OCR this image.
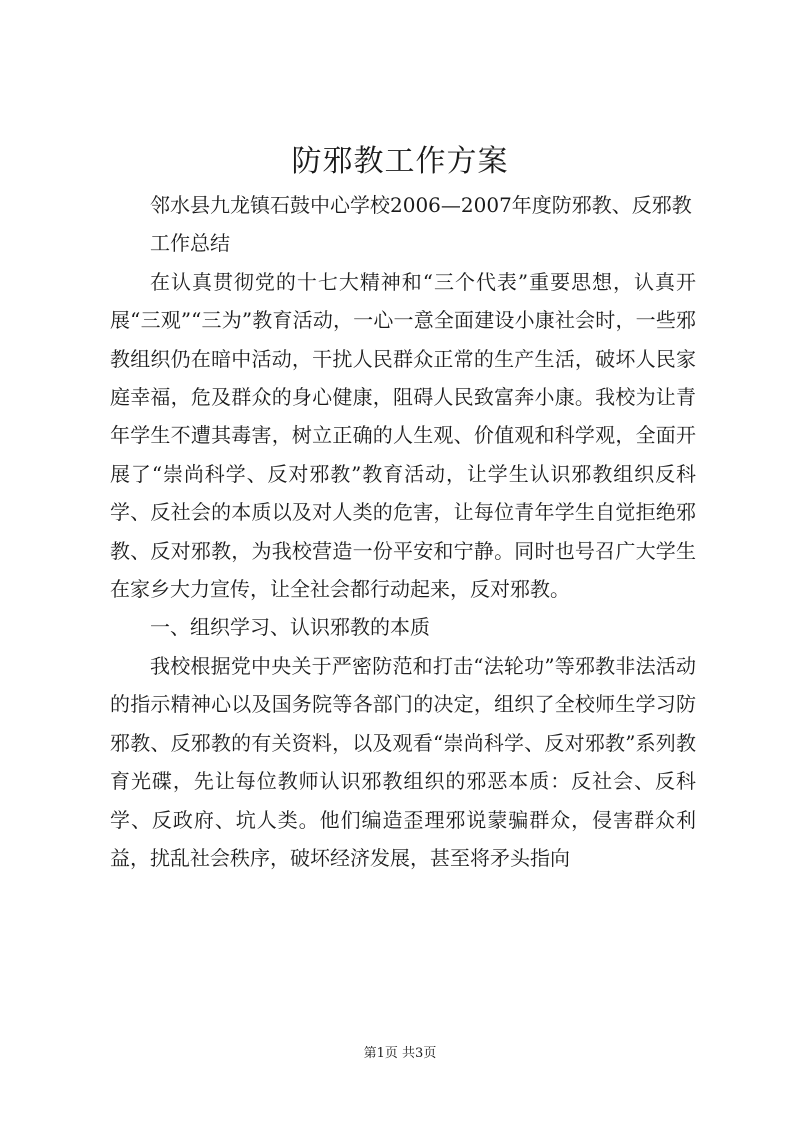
防邪教工作方案

邻水县九龙镇石鼓中心学校2006—2007年度防邪教、反邪教

工作总结

在认真贯彻党的十七大精神和“三个代表”重要思想，认真开展“三观”“三为”教育活动，一心一意全面建设小康社会时，一些邪教组织仍在暗中活动，干扰人民群众正常的生产生活，破坏人民家庭幸福，危及群众的身心健康，阻碍人民致富奔小康。我校为让青年学生不遭其毒害，树立正确的人生观、价值观和科学观，全面开展了“崇尚科学、反对邪教”教育活动，让学生认识邪教组织反科学、反社会的本质以及对人类的危害，让每位青年学生自觉拒绝邪教、反对邪教，为我校营造一份平安和宁静。同时也号召广大学生在家乡大力宣传，让全社会都行动起来，反对邪教。

一、组织学习、认识邪教的本质

我校根据党中央关于严密防范和打击“法轮功”等邪教非法活动的指示精神心以及国务院等各部门的决定，组织了全校师生学习防邪教、反邪教的有关资料，以及观看“崇尚科学、反对邪教”系列教育光碟，先让每位教师认识邪教组织的邪恶本质：反社会、反科学、反政府、坑人类。他们编造歪理邪说蒙骗群众，侵害群众利益，扰乱社会秩序，破坏经济发展，甚至将矛头指向

第1页 共3页
